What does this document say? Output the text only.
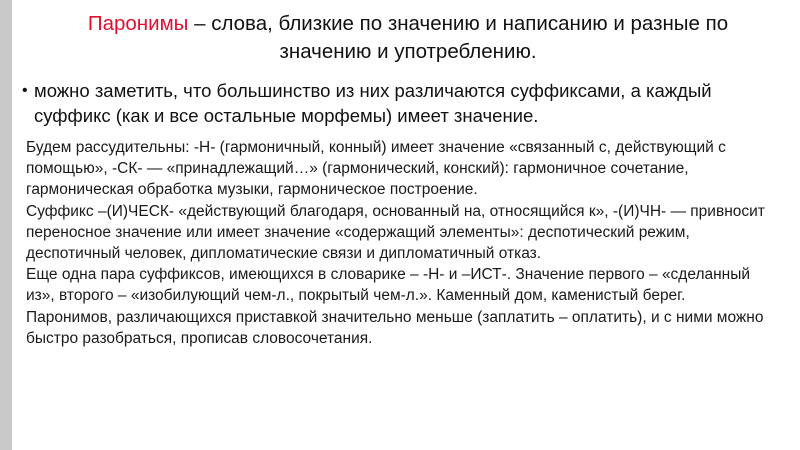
Паронимы – слова, близкие по значению и написанию и разные по значению и употреблению.
• можно заметить, что большинство из них различаются суффиксами, а каждый суффикс (как и все остальные морфемы) имеет значение.

Будем рассудительны: -Н- (гармоничный, конный) имеет значение «связанный с, действующий с помощью», -СК- — «принадлежащий…» (гармонический, конский): гармоничное сочетание, гармоническая обработка музыки, гармоническое построение.

Суффикс –(И)ЧЕСК- «действующий благодаря, основанный на, относящийся к», -(И)ЧН- — привносит переносное значение или имеет значение «содержащий элементы»: деспотический режим, деспотичный человек, дипломатические связи и дипломатичный отказ.

Еще одна пара суффиксов, имеющихся в словарике – -Н- и –ИСТ-. Значение первого – «сделанный из», второго – «изобилующий чем-л., покрытый чем-л.». Каменный дом, каменистый берег.

Паронимов, различающихся приставкой значительно меньше (заплатить – оплатить), и с ними можно быстро разобраться, прописав словосочетания.
